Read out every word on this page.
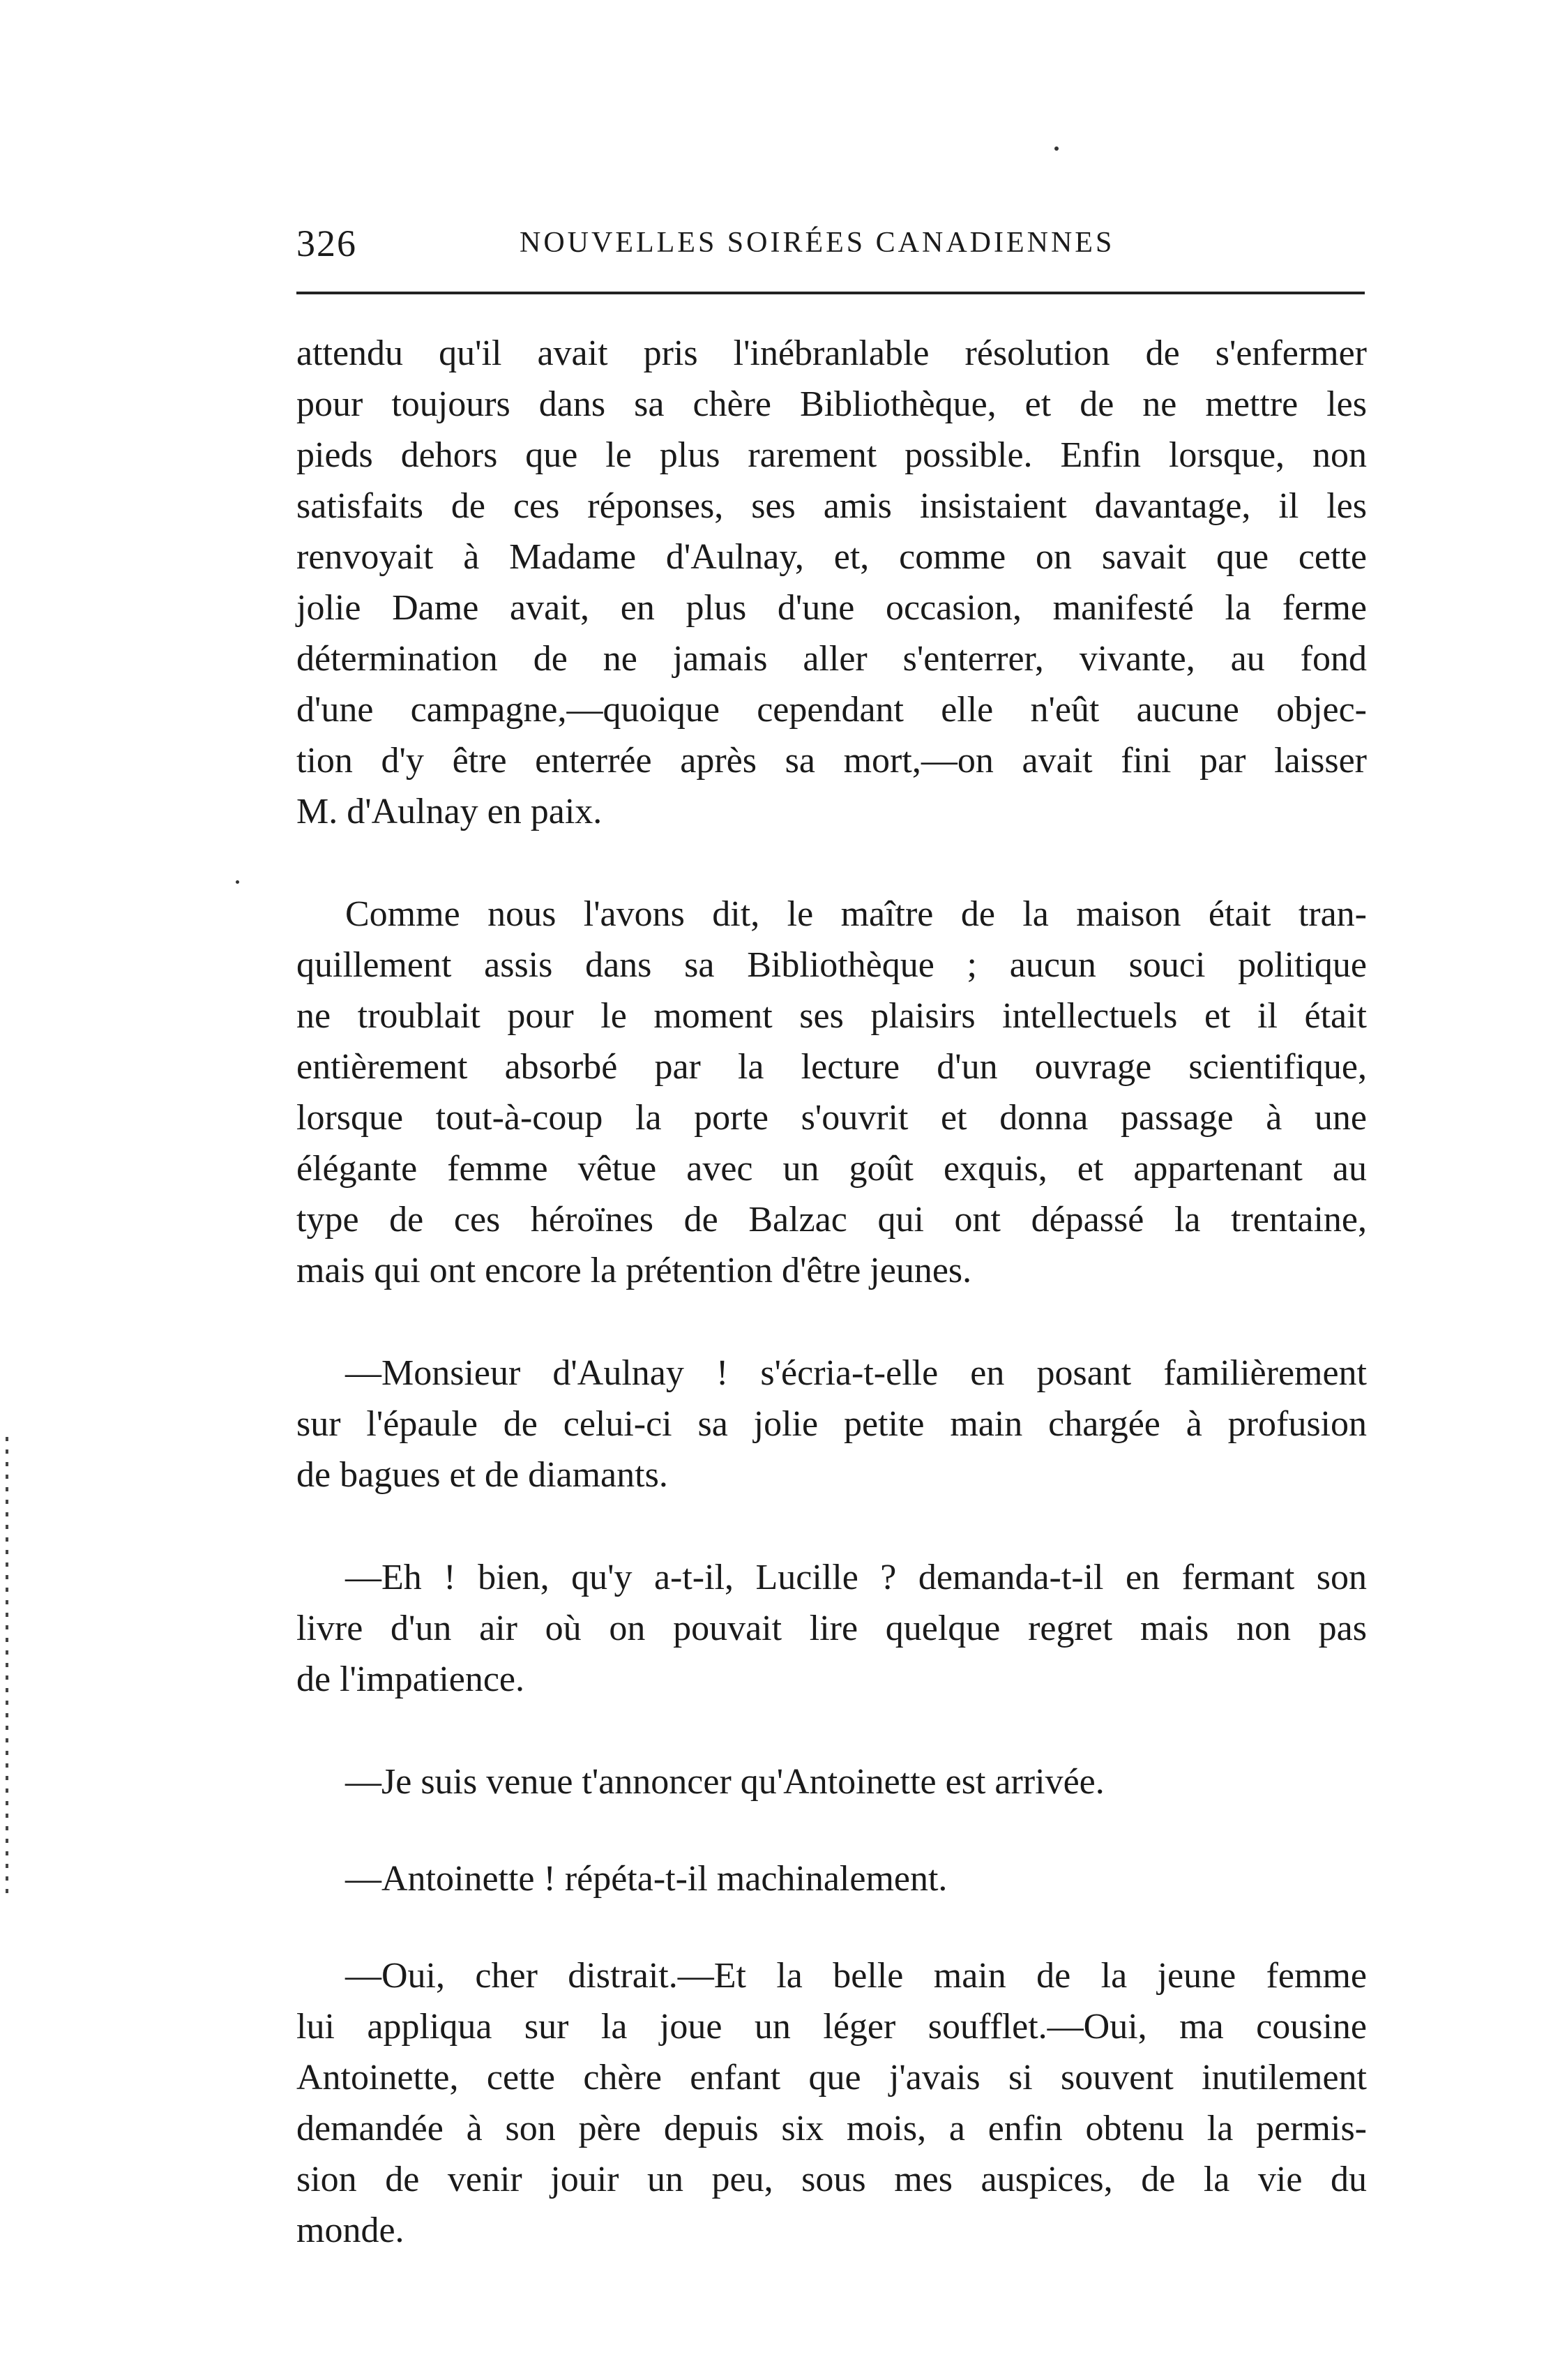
326	NOUVELLES SOIRÉES CANADIENNES

attendu qu'il avait pris l'inébranlable résolution de s'enfermer
pour toujours dans sa chère Bibliothèque, et de ne mettre les
pieds dehors que le plus rarement possible. Enfin lorsque, non
satisfaits de ces réponses, ses amis insistaient davantage, il les
renvoyait à Madame d'Aulnay, et, comme on savait que cette
jolie Dame avait, en plus d'une occasion, manifesté la ferme
détermination de ne jamais aller s'enterrer, vivante, au fond
d'une campagne,—quoique cependant elle n'eût aucune objec-
tion d'y être enterrée après sa mort,—on avait fini par laisser
M. d'Aulnay en paix.

Comme nous l'avons dit, le maître de la maison était tran-
quillement assis dans sa Bibliothèque ; aucun souci politique
ne troublait pour le moment ses plaisirs intellectuels et il était
entièrement absorbé par la lecture d'un ouvrage scientifique,
lorsque tout-à-coup la porte s'ouvrit et donna passage à une
élégante femme vêtue avec un goût exquis, et appartenant au
type de ces héroïnes de Balzac qui ont dépassé la trentaine,
mais qui ont encore la prétention d'être jeunes.

—Monsieur d'Aulnay ! s'écria-t-elle en posant familièrement
sur l'épaule de celui-ci sa jolie petite main chargée à profusion
de bagues et de diamants.

—Eh ! bien, qu'y a-t-il, Lucille ? demanda-t-il en fermant son
livre d'un air où on pouvait lire quelque regret mais non pas
de l'impatience.

—Je suis venue t'annoncer qu'Antoinette est arrivée.

—Antoinette ! répéta-t-il machinalement.

—Oui, cher distrait.—Et la belle main de la jeune femme
lui appliqua sur la joue un léger soufflet.—Oui, ma cousine
Antoinette, cette chère enfant que j'avais si souvent inutilement
demandée à son père depuis six mois, a enfin obtenu la permis-
sion de venir jouir un peu, sous mes auspices, de la vie du
monde.
